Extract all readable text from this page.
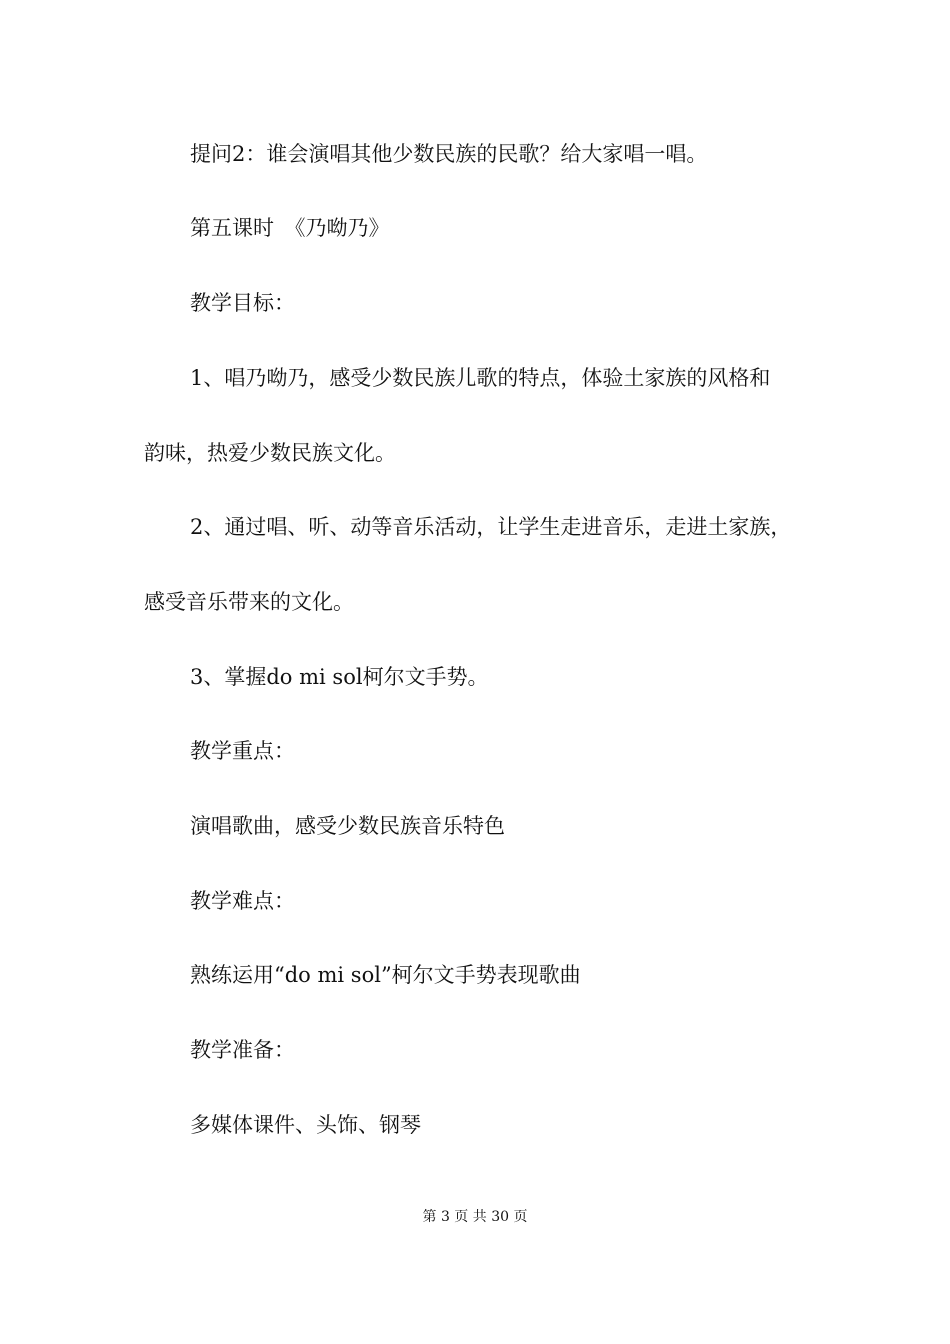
提问2：谁会演唱其他少数民族的民歌？给大家唱一唱。
第五课时　《乃呦乃》
教学目标：
1、唱乃呦乃，感受少数民族儿歌的特点，体验土家族的风格和
韵味，热爱少数民族文化。
2、通过唱、听、动等音乐活动，让学生走进音乐，走进土家族，
感受音乐带来的文化。
3、掌握do mi sol柯尔文手势。
教学重点：
演唱歌曲，感受少数民族音乐特色
教学难点：
熟练运用“do mi sol”柯尔文手势表现歌曲
教学准备：
多媒体课件、头饰、钢琴
第 3 页 共 30 页
